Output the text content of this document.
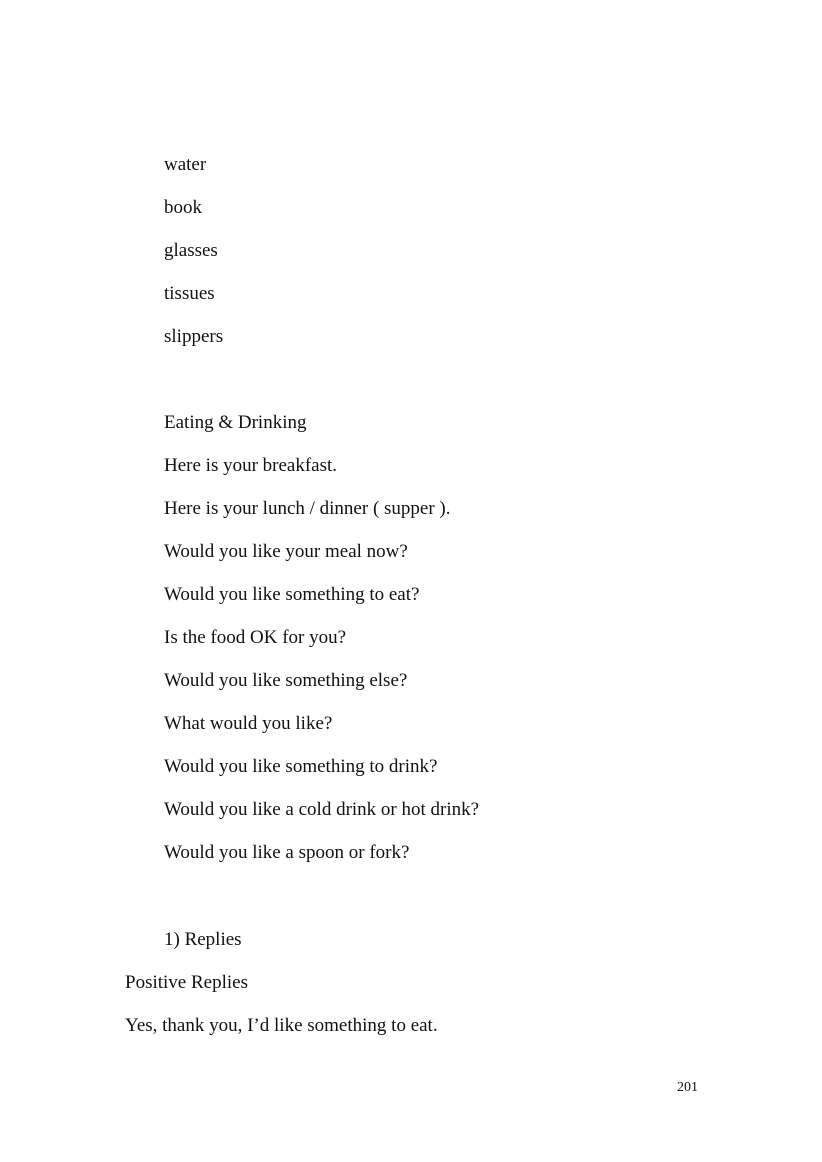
water
book
glasses
tissues
slippers
Eating & Drinking
Here is your breakfast.
Here is your lunch / dinner ( supper ).
Would you like your meal now?
Would you like something to eat?
Is the food OK for you?
Would you like something else?
What would you like?
Would you like something to drink?
Would you like a cold drink or hot drink?
Would you like a spoon or fork?
1) Replies
Positive Replies
Yes, thank you, I’d like something to eat.
201
